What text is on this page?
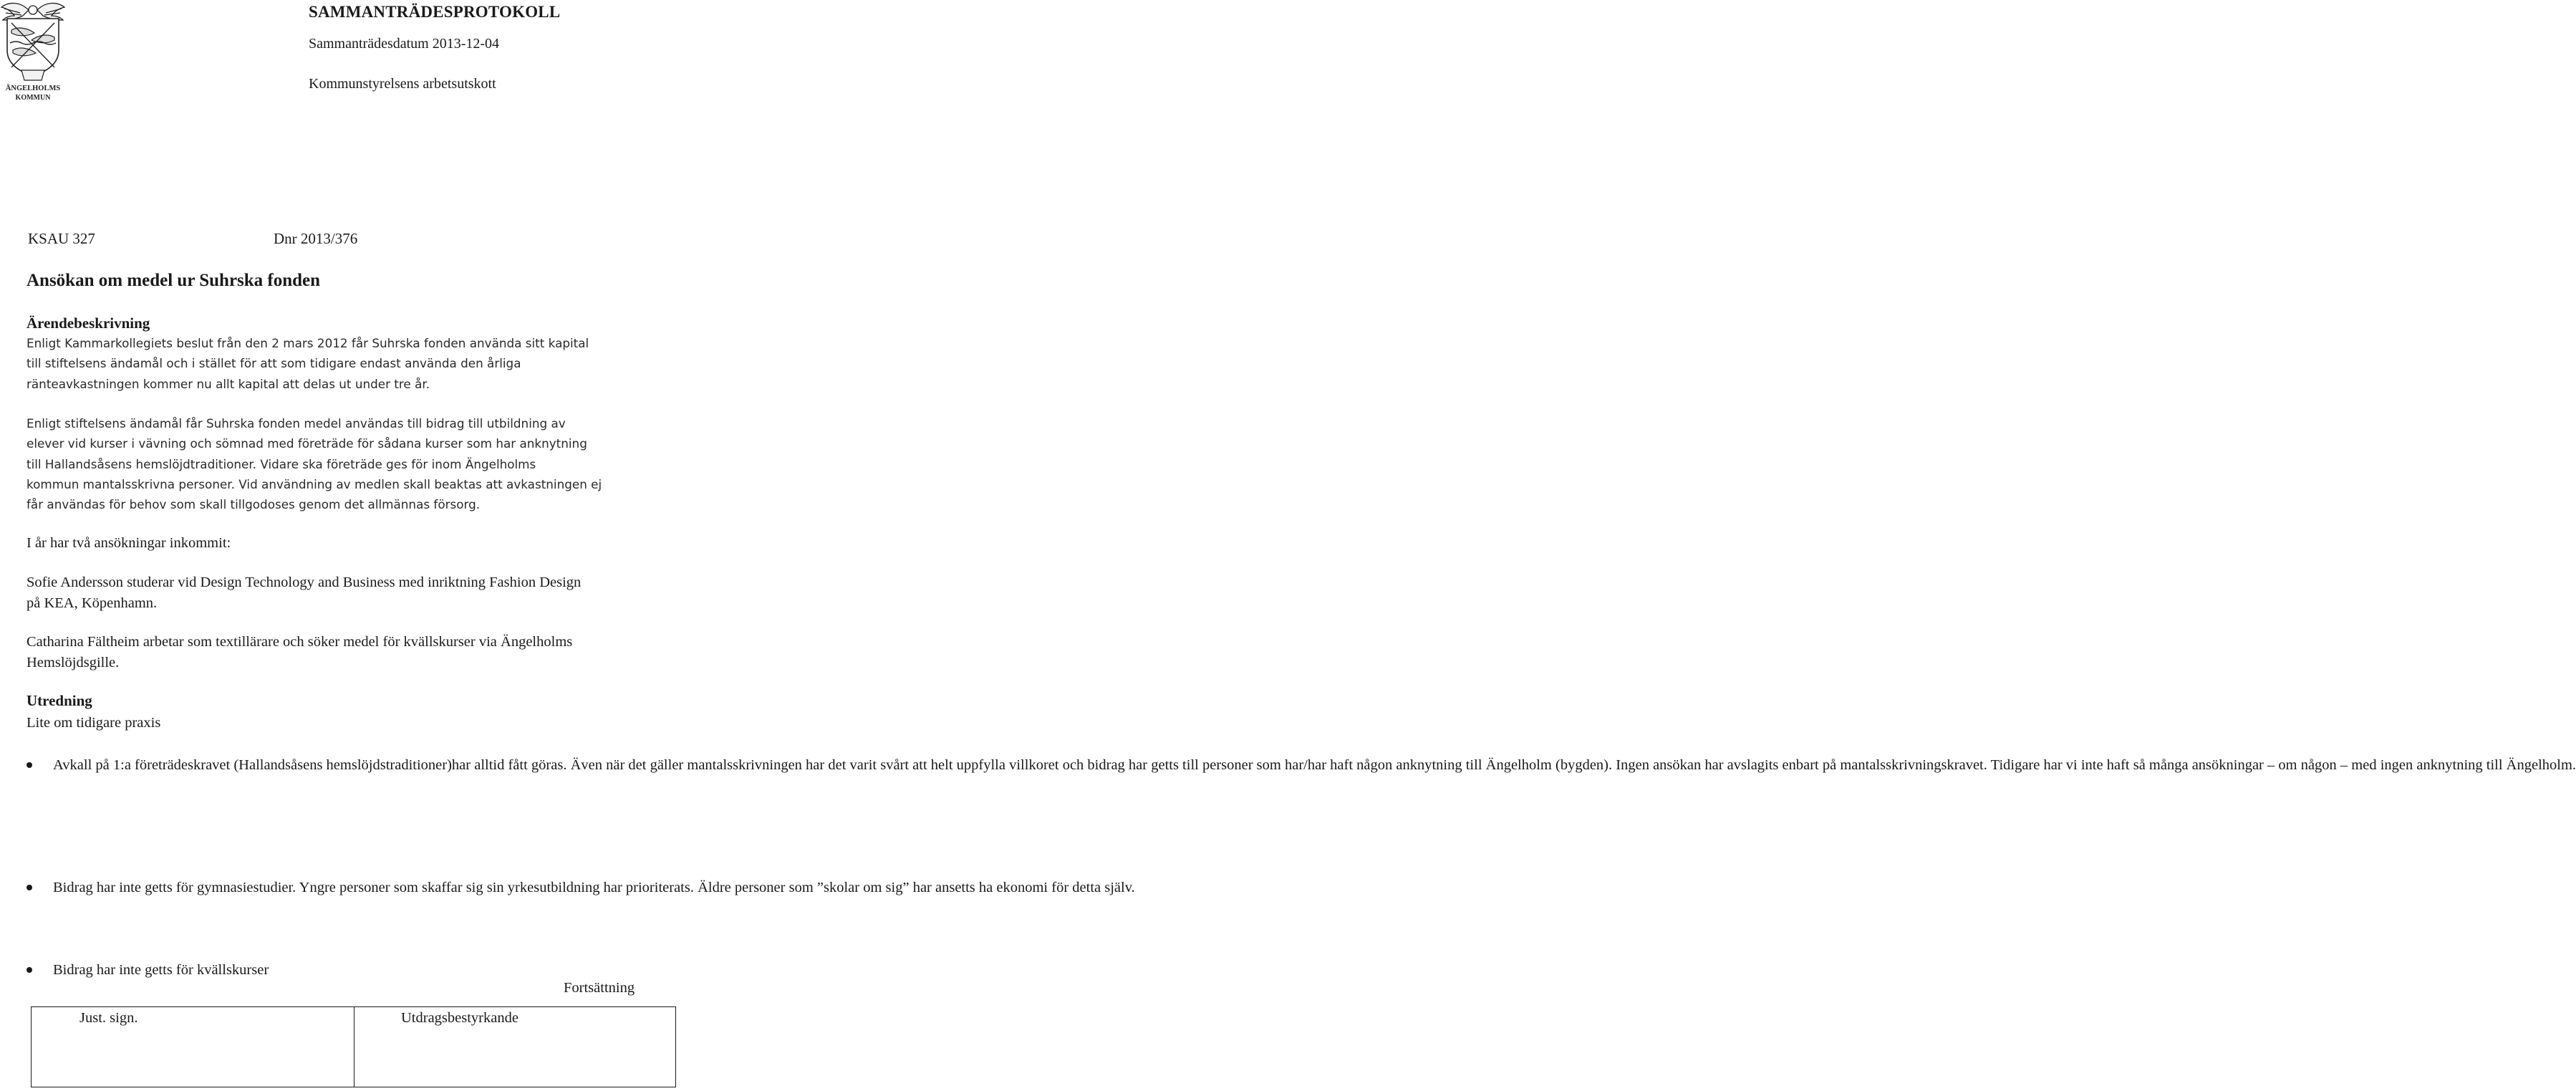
ÄNGELHOLMS
KOMMUN
SAMMANTRÄDESPROTOKOLL
Sammanträdesdatum 2013-12-04
Kommunstyrelsens arbetsutskott
KSAU 327	Dnr 2013/376
Ansökan om medel ur Suhrska fonden
Ärendebeskrivning
Enligt Kammarkollegiets beslut från den 2 mars 2012 får Suhrska fonden använda sitt kapital
till stiftelsens ändamål och i stället för att som tidigare endast använda den årliga
ränteavkastningen kommer nu allt kapital att delas ut under tre år.
Enligt stiftelsens ändamål får Suhrska fonden medel användas till bidrag till utbildning av
elever vid kurser i vävning och sömnad med företräde för sådana kurser som har anknytning
till Hallandsåsens hemslöjdtraditioner. Vidare ska företräde ges för inom Ängelholms
kommun mantalsskrivna personer. Vid användning av medlen skall beaktas att avkastningen ej
får användas för behov som skall tillgodoses genom det allmännas försorg.
I år har två ansökningar inkommit:
Sofie Andersson studerar vid Design Technology and Business med inriktning Fashion Design
på KEA, Köpenhamn.
Catharina Fältheim arbetar som textillärare och söker medel för kvällskurser via Ängelholms
Hemslöjdsgille.
Utredning
Lite om tidigare praxis
Avkall på 1:a företrädeskravet (Hallandsåsens hemslöjdstraditioner)har alltid fått göras. Även när det gäller mantalsskrivningen har det varit svårt att helt uppfylla villkoret och bidrag har getts till personer som har/har haft någon anknytning till Ängelholm (bygden). Ingen ansökan har avslagits enbart på mantalsskrivningskravet. Tidigare har vi inte haft så många ansökningar – om någon – med ingen anknytning till Ängelholm.
Bidrag har inte getts för gymnasiestudier. Yngre personer som skaffar sig sin yrkesutbildning har prioriterats. Äldre personer som ”skolar om sig” har ansetts ha ekonomi för detta själv.
Bidrag har inte getts för kvällskurser
Fortsättning
Just. sign.	Utdragsbestyrkande
